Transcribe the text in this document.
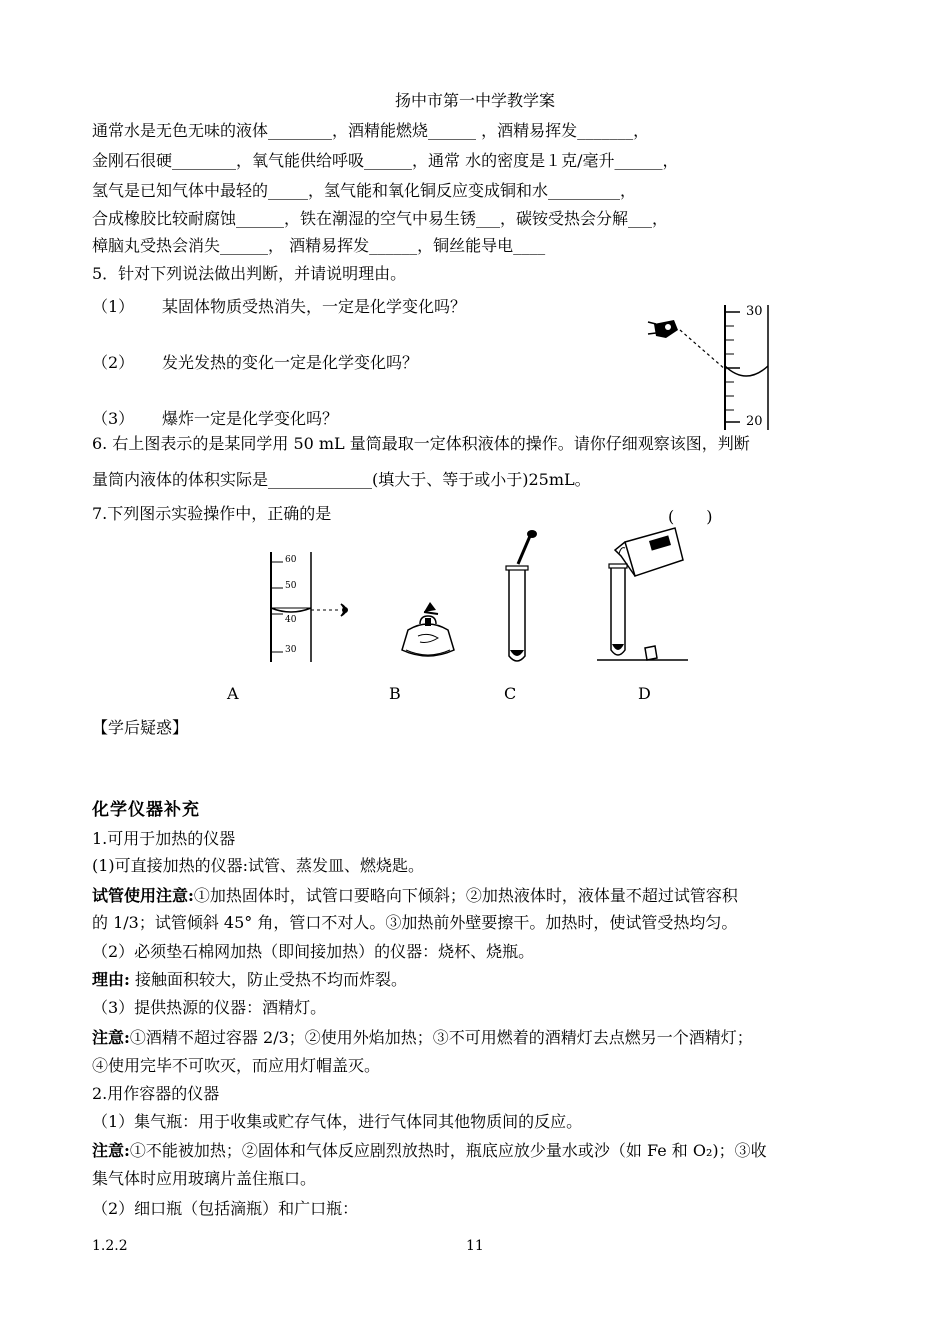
扬中市第一中学教学案
通常水是无色无味的液体________，酒精能燃烧______ ，酒精易挥发_______，
金刚石很硬________，氧气能供给呼吸______，通常 水的密度是１克/毫升______，
氢气是已知气体中最轻的_____，氢气能和氧化铜反应变成铜和水_________，
合成橡胶比较耐腐蚀______，铁在潮湿的空气中易生锈___，碳铵受热会分解___，
樟脑丸受热会消失______， 酒精易挥发______，铜丝能导电____
5．针对下列说法做出判断，并请说明理由。
（1） 某固体物质受热消失，一定是化学变化吗？
（2） 发光发热的变化一定是化学变化吗？
（3） 爆炸一定是化学变化吗？
30
20
6. 右上图表示的是某同学用 50 mL 量筒最取一定体积液体的操作。请你仔细观察该图，判断
量筒内液体的体积实际是_____________(填大于、等于或小于)25mL。
7.下列图示实验操作中，正确的是	(　　)
60
50
40
30
A	B	C	D
【学后疑惑】
化学仪器补充
1.可用于加热的仪器
(1)可直接加热的仪器:试管、蒸发皿、燃烧匙。
试管使用注意:①加热固体时，试管口要略向下倾斜；②加热液体时，液体量不超过试管容积
的 1/3；试管倾斜 45° 角，管口不对人。③加热前外壁要擦干。加热时，使试管受热均匀。
（2）必须垫石棉网加热（即间接加热）的仪器：烧杯、烧瓶。
理由: 接触面积较大，防止受热不均而炸裂。
（3）提供热源的仪器：酒精灯。
注意:①酒精不超过容器 2/3；②使用外焰加热；③不可用燃着的酒精灯去点燃另一个酒精灯；
④使用完毕不可吹灭，而应用灯帽盖灭。
2.用作容器的仪器
（1）集气瓶：用于收集或贮存气体，进行气体同其他物质间的反应。
注意:①不能被加热；②固体和气体反应剧烈放热时，瓶底应放少量水或沙（如 Fe 和 O₂)；③收
集气体时应用玻璃片盖住瓶口。
（2）细口瓶（包括滴瓶）和广口瓶：
1.2.2	11
